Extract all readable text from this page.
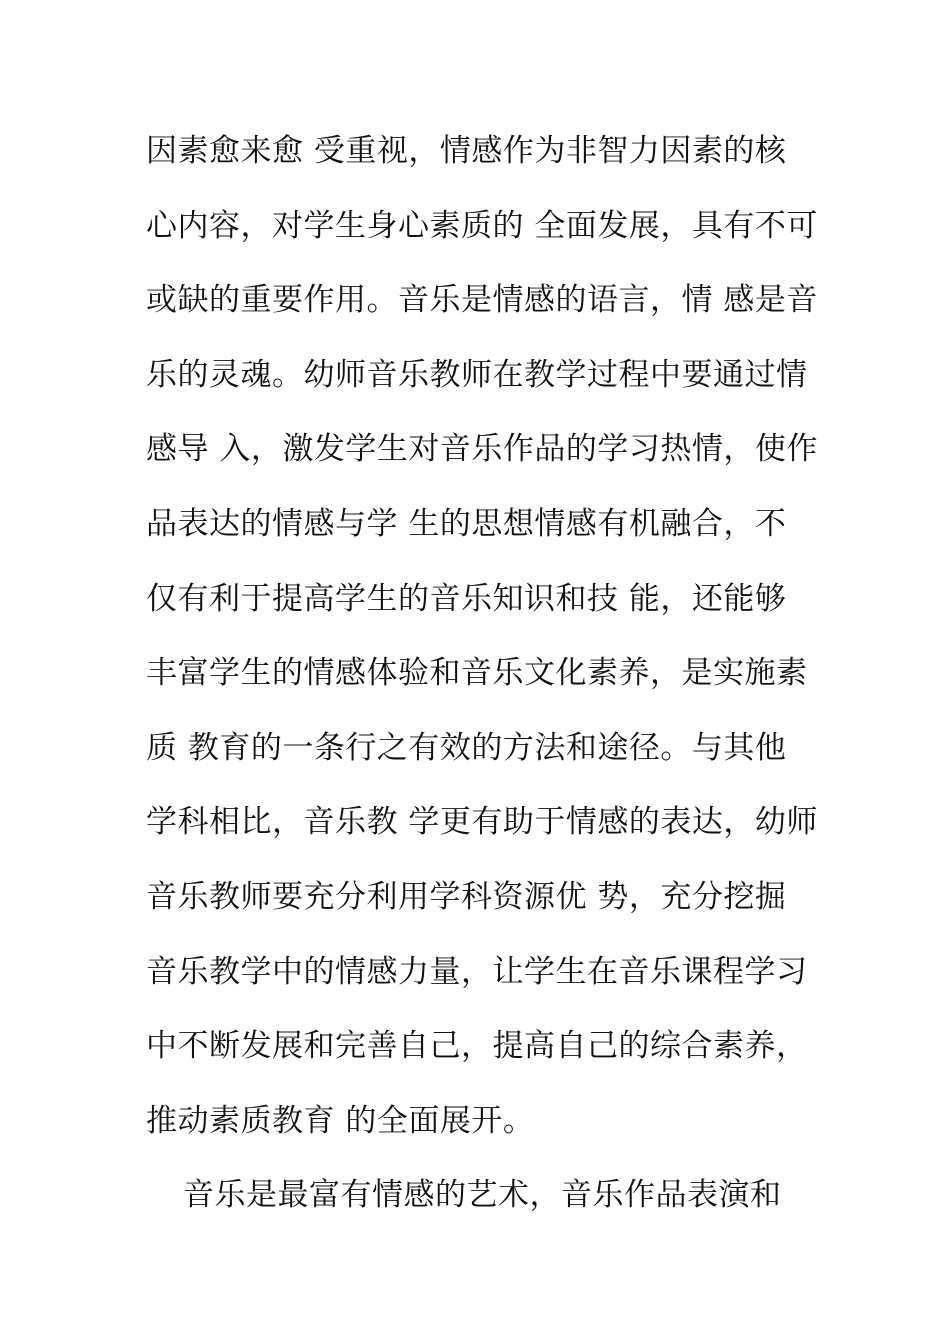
因素愈来愈 受重视，情感作为非智力因素的核
心内容，对学生身心素质的 全面发展，具有不可
或缺的重要作用。音乐是情感的语言，情 感是音
乐的灵魂。幼师音乐教师在教学过程中要通过情
感导 入，激发学生对音乐作品的学习热情，使作
品表达的情感与学 生的思想情感有机融合，不
仅有利于提高学生的音乐知识和技 能，还能够
丰富学生的情感体验和音乐文化素养，是实施素
质 教育的一条行之有效的方法和途径。与其他
学科相比，音乐教 学更有助于情感的表达，幼师
音乐教师要充分利用学科资源优 势，充分挖掘
音乐教学中的情感力量，让学生在音乐课程学习
中不断发展和完善自己，提高自己的综合素养，
推动素质教育 的全面展开。
音乐是最富有情感的艺术，音乐作品表演和
